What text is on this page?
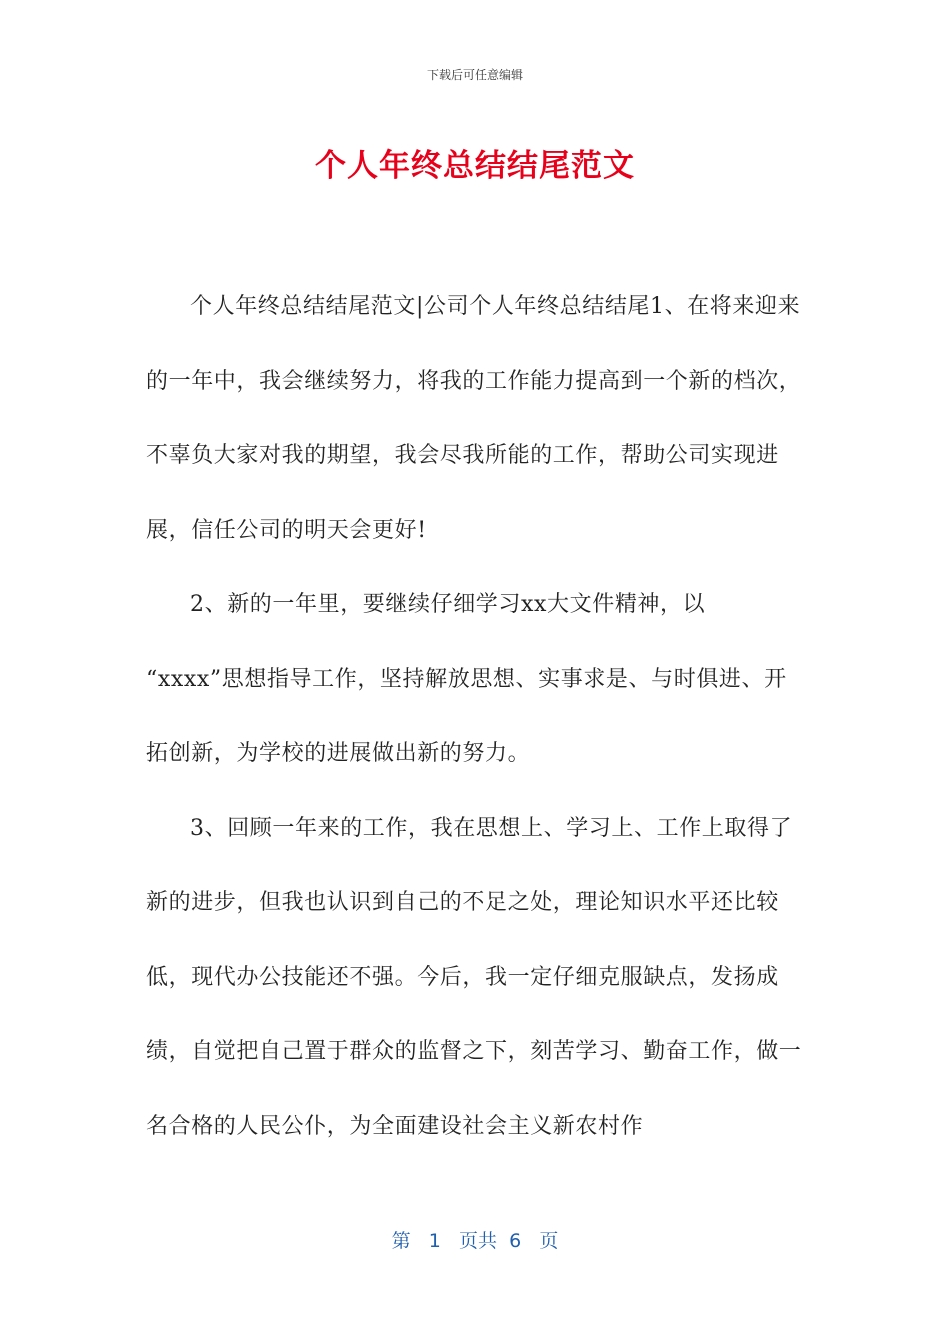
下载后可任意编辑
个人年终总结结尾范文

个人年终总结结尾范文|公司个人年终总结结尾1、在将来迎来的一年中，我会继续努力，将我的工作能力提高到一个新的档次，不辜负大家对我的期望，我会尽我所能的工作，帮助公司实现进展，信任公司的明天会更好!

2、新的一年里，要继续仔细学习xx大文件精神，以

“xxxx”思想指导工作，坚持解放思想、实事求是、与时俱进、开拓创新，为学校的进展做出新的努力。

3、回顾一年来的工作，我在思想上、学习上、工作上取得了新的进步，但我也认识到自己的不足之处，理论知识水平还比较低，现代办公技能还不强。今后，我一定仔细克服缺点，发扬成绩，自觉把自己置于群众的监督之下，刻苦学习、勤奋工作，做一名合格的人民公仆，为全面建设社会主义新农村作

第 1 页共 6 页
